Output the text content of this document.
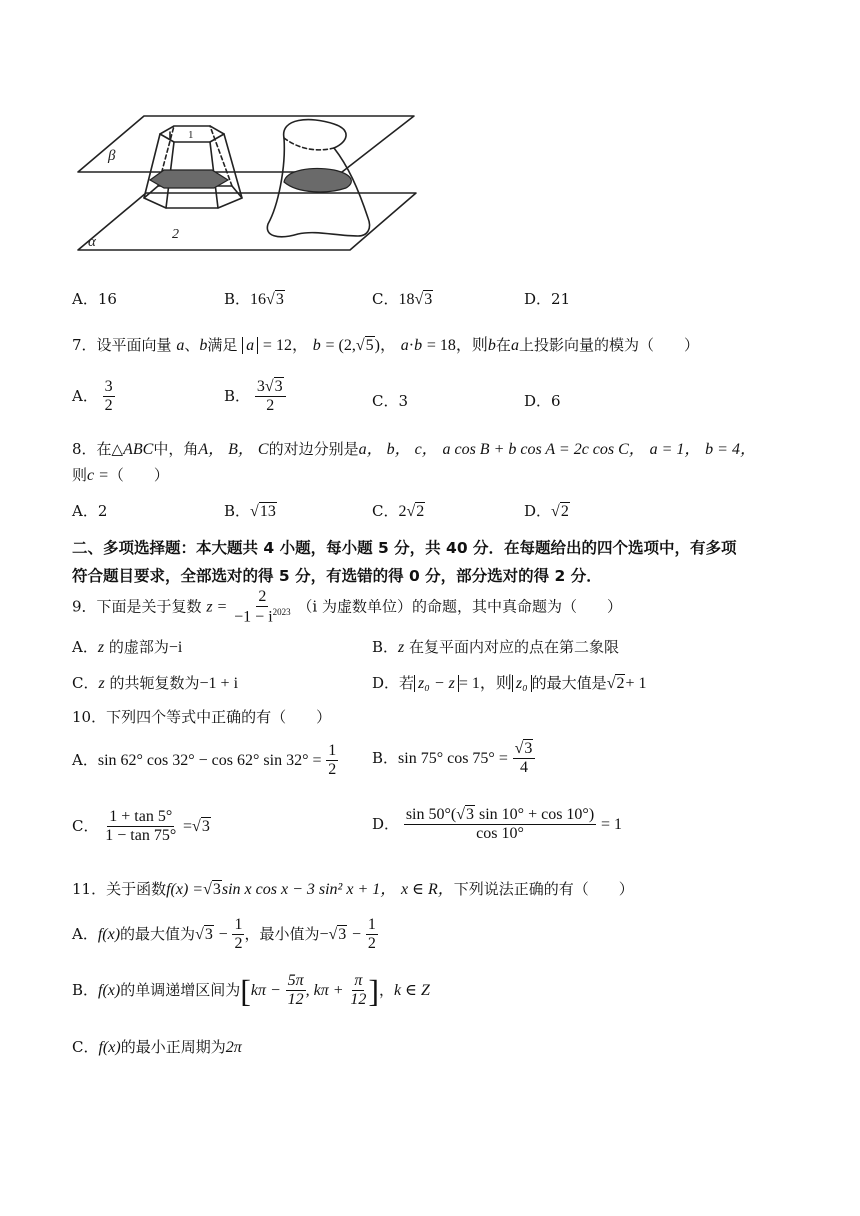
β
α
1
2
A．16	B．16√3	C．18√3	D．21
7．设平面向量 a、b满足 a = 12， b = (2,√5)， a·b = 18，则b在a上投影向量的模为（　　）
A． $\frac{3}{2}$	B． $\frac{3√3}{2}$	C．3	D．6
8．在△ABC中，角A， B， C的对边分别是a， b， c， a cos B + b cos A = 2c cos C， a = 1， b = 4，
则c =（　　）
A．2	B．√13	C．2√2	D．√2
二、多项选择题：本大题共 4 小题，每小题 5 分，共 40 分．在每题给出的四个选项中，有多项
符合题目要求，全部选对的得 5 分，有选错的得 0 分，部分选对的得 2 分．
9．下面是关于复数 $z = \frac{2}{-1 - i^{2023}} (i$ 为虚数单位）的命题，其中真命题为（　　）
A．z 的虚部为−i	B．z 在复平面内对应的点在第二象限
C．z 的共轭复数为−1 + i	D．若 z₀ − z = 1，则 z₀ 的最大值是√2+ 1
10．下列四个等式中正确的有（　　）
A．sin 62° cos 32° − cos 62° $\sin 32^\circ = \frac{1}{2}$ B．sin 75° $\cos 75^\circ = \frac{√3}{4}$
C． $\frac{1 + \tan 5^\circ}{1 - \tan 75^\circ} =√3$	D． $\frac{\sin 50^\circ(√3 \sin 10^\circ + \cos 10^\circ)}{\cos 10^\circ} = 1$
11．关于函数f(x) =√3sin x cos x − 3 sin² x + 1， x ∈ R，下列说法正确的有（　　）
A．f(x)的最大值为$√3 - \frac{1}{2}$ ，最小值为$-√3 - \frac{1}{2}$
B．f(x)的单调递增区间为[$k\pi - \frac{5\pi}{12}$ , $k\pi + \frac{\pi}{12}$ ]，k ∈ Z
C．f(x)的最小正周期为2π
